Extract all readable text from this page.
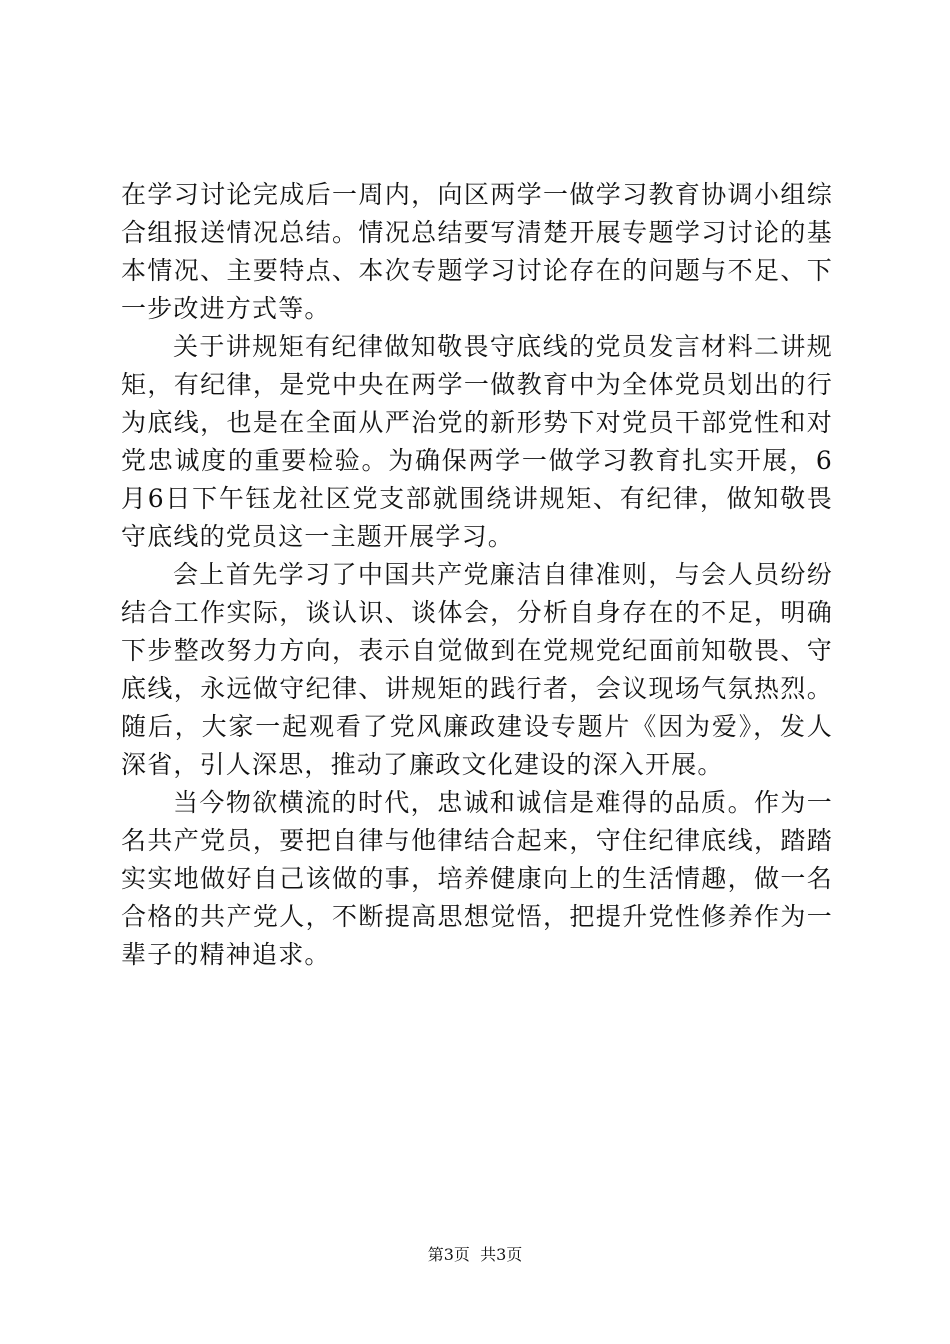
在学习讨论完成后一周内，向区两学一做学习教育协调小组综合组报送情况总结。情况总结要写清楚开展专题学习讨论的基本情况、主要特点、本次专题学习讨论存在的问题与不足、下一步改进方式等。

关于讲规矩有纪律做知敬畏守底线的党员发言材料二讲规矩，有纪律，是党中央在两学一做教育中为全体党员划出的行为底线，也是在全面从严治党的新形势下对党员干部党性和对党忠诚度的重要检验。为确保两学一做学习教育扎实开展，6月6日下午钰龙社区党支部就围绕讲规矩、有纪律，做知敬畏守底线的党员这一主题开展学习。

会上首先学习了中国共产党廉洁自律准则，与会人员纷纷结合工作实际，谈认识、谈体会，分析自身存在的不足，明确下步整改努力方向，表示自觉做到在党规党纪面前知敬畏、守底线，永远做守纪律、讲规矩的践行者，会议现场气氛热烈。随后，大家一起观看了党风廉政建设专题片《因为爱》，发人深省，引人深思，推动了廉政文化建设的深入开展。

当今物欲横流的时代，忠诚和诚信是难得的品质。作为一名共产党员，要把自律与他律结合起来，守住纪律底线，踏踏实实地做好自己该做的事，培养健康向上的生活情趣，做一名合格的共产党人，不断提高思想觉悟，把提升党性修养作为一辈子的精神追求。

第3页  共3页
